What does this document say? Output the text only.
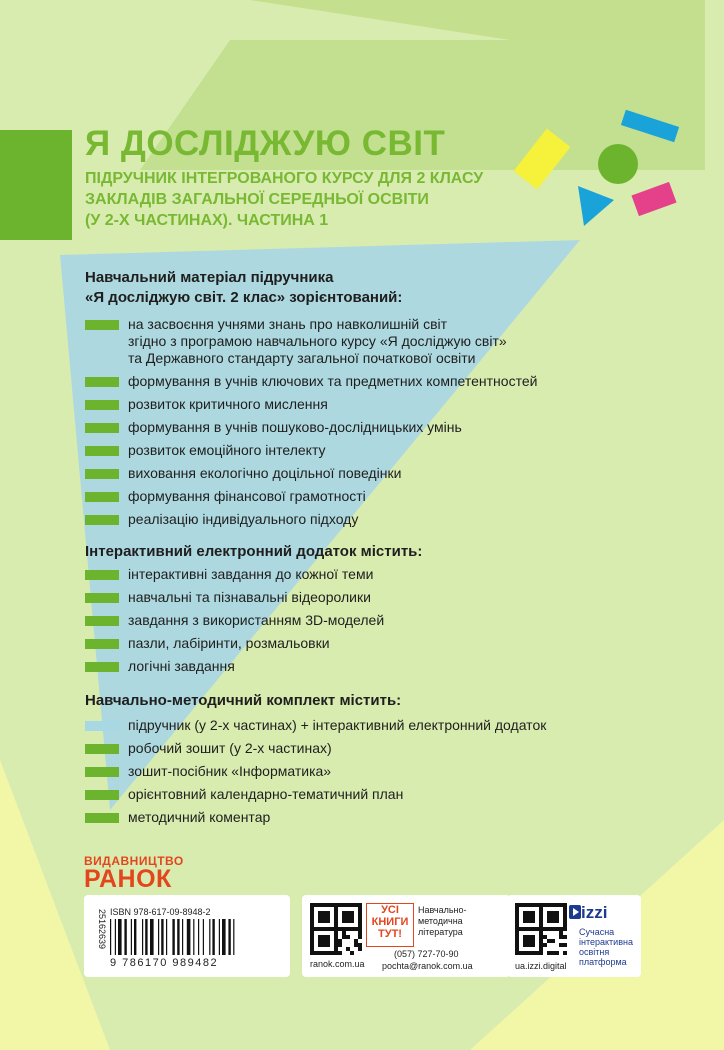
Я ДОСЛІДЖУЮ СВІТ
ПІДРУЧНИК ІНТЕГРОВАНОГО КУРСУ ДЛЯ 2 КЛАСУ
ЗАКЛАДІВ ЗАГАЛЬНОЇ СЕРЕДНЬОЇ ОСВІТИ
(У 2-Х ЧАСТИНАХ). ЧАСТИНА 1
Навчальний матеріал підручника
«Я досліджую світ. 2 клас» зорієнтований:
на засвоєння учнями знань про навколишній світ
згідно з програмою навчального курсу «Я досліджую світ»
та Державного стандарту загальної початкової освіти
формування в учнів ключових та предметних компетентностей
розвиток критичного мислення
формування в учнів пошуково-дослідницьких умінь
розвиток емоційного інтелекту
виховання екологічно доцільної поведінки
формування фінансової грамотності
реалізацію індивідуального підходу
Інтерактивний електронний додаток містить:
інтерактивні завдання до кожної теми
навчальні та пізнавальні відеоролики
завдання з використанням 3D-моделей
пазли, лабіринти, розмальовки
логічні завдання
Навчально-методичний комплект містить:
підручник (у 2-х частинах) + інтерактивний електронний додаток
робочий зошит (у 2-х частинах)
зошит-посібник «Інформатика»
орієнтовний календарно-тематичний план
методичний коментар
ВИДАВНИЦТВО
РАНОК
25162639 ISBN 978-617-09-8948-2
9 786170 989482
УСІ
КНИГИ
ТУТ!
Навчально-
методична
література
ranok.com.ua
(057) 727-70-90
pochta@ranok.com.ua
izzi
Сучасна
інтерактивна
освітня
платформа
ua.izzi.digital
